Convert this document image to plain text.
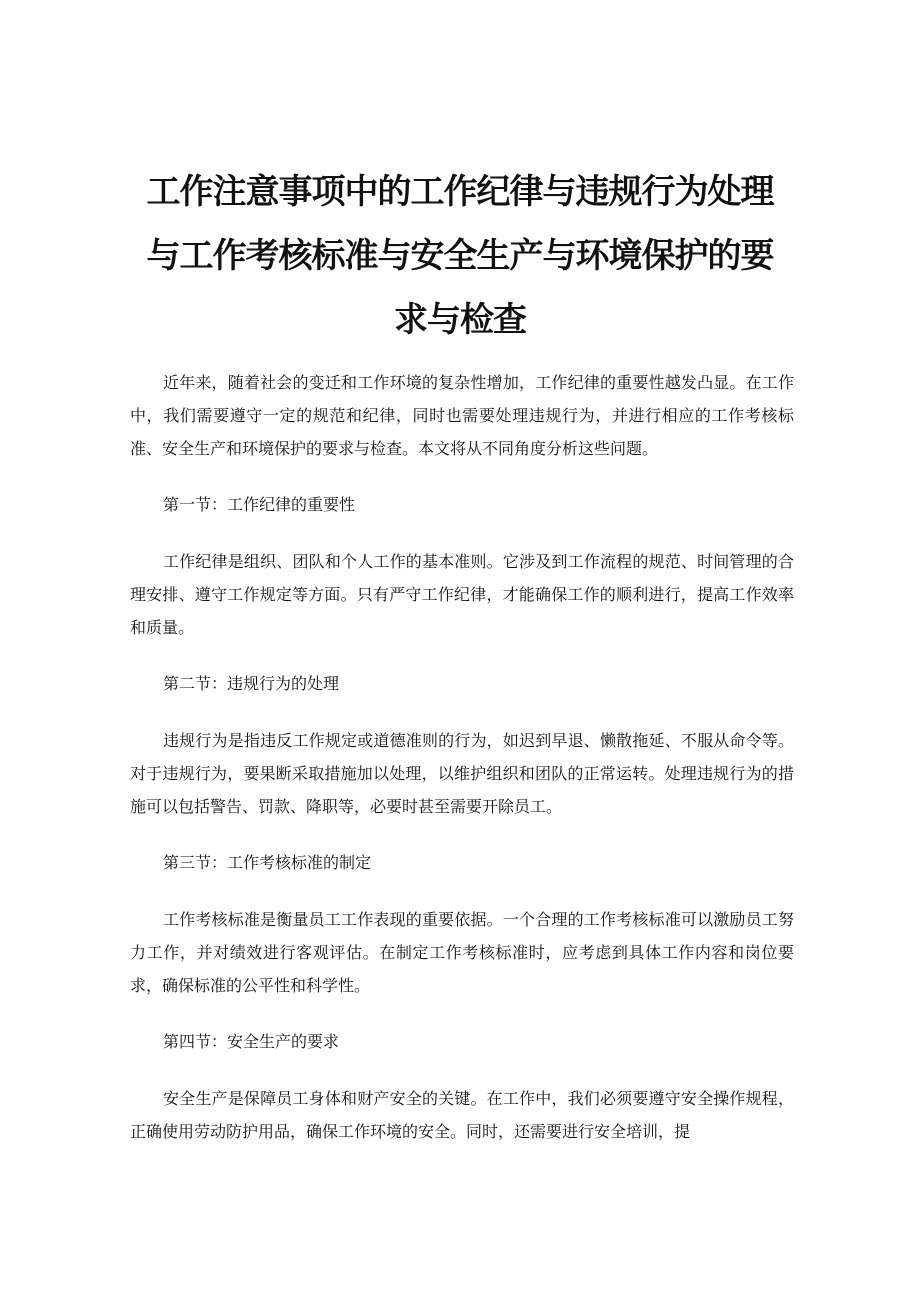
工作注意事项中的工作纪律与违规行为处理
与工作考核标准与安全生产与环境保护的要
求与检查

近年来，随着社会的变迁和工作环境的复杂性增加，工作纪律的重要性越发凸显。在工作中，我们需要遵守一定的规范和纪律，同时也需要处理违规行为，并进行相应的工作考核标准、安全生产和环境保护的要求与检查。本文将从不同角度分析这些问题。

第一节：工作纪律的重要性

工作纪律是组织、团队和个人工作的基本准则。它涉及到工作流程的规范、时间管理的合理安排、遵守工作规定等方面。只有严守工作纪律，才能确保工作的顺利进行，提高工作效率和质量。

第二节：违规行为的处理

违规行为是指违反工作规定或道德准则的行为，如迟到早退、懒散拖延、不服从命令等。对于违规行为，要果断采取措施加以处理，以维护组织和团队的正常运转。处理违规行为的措施可以包括警告、罚款、降职等，必要时甚至需要开除员工。

第三节：工作考核标准的制定

工作考核标准是衡量员工工作表现的重要依据。一个合理的工作考核标准可以激励员工努力工作，并对绩效进行客观评估。在制定工作考核标准时，应考虑到具体工作内容和岗位要求，确保标准的公平性和科学性。

第四节：安全生产的要求

安全生产是保障员工身体和财产安全的关键。在工作中，我们必须要遵守安全操作规程，正确使用劳动防护用品，确保工作环境的安全。同时，还需要进行安全培训，提
